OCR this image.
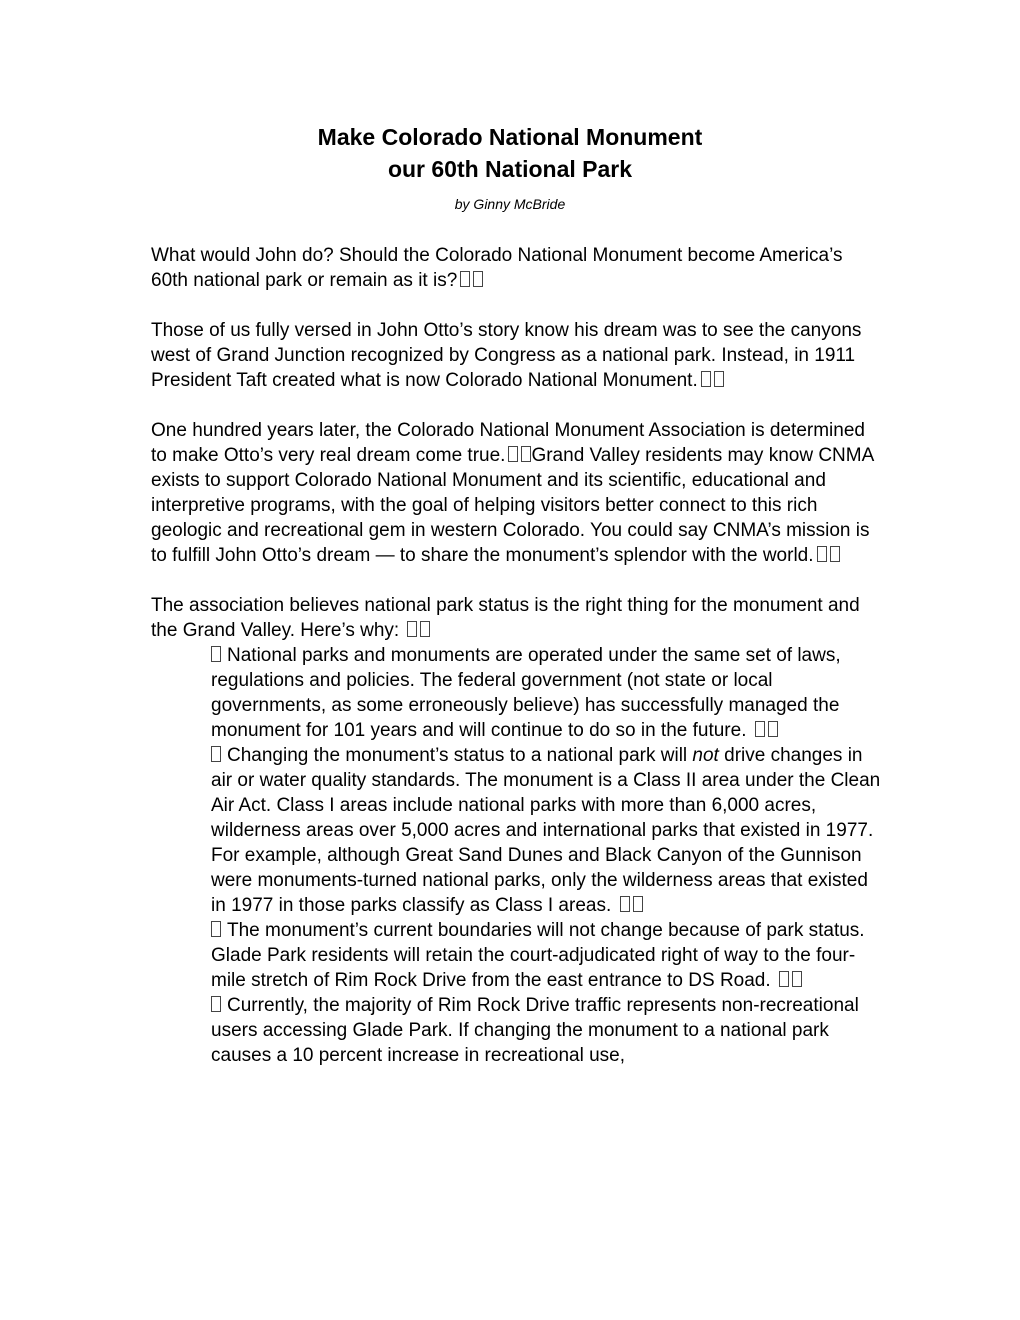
Make Colorado National Monument
our 60th National Park
by Ginny McBride

What would John do? Should the Colorado National Monument become America’s 60th national park or remain as it is?

Those of us fully versed in John Otto’s story know his dream was to see the canyons west of Grand Junction recognized by Congress as a national park. Instead, in 1911 President Taft created what is now Colorado National Monument.

One hundred years later, the Colorado National Monument Association is determined to make Otto’s very real dream come true. Grand Valley residents may know CNMA exists to support Colorado National Monument and its scientific, educational and interpretive programs, with the goal of helping visitors better connect to this rich geologic and recreational gem in western Colorado. You could say CNMA’s mission is to fulfill John Otto’s dream — to share the monument’s splendor with the world.

The association believes national park status is the right thing for the monument and the Grand Valley. Here’s why:

National parks and monuments are operated under the same set of laws, regulations and policies. The federal government (not state or local governments, as some erroneously believe) has successfully managed the monument for 101 years and will continue to do so in the future.
Changing the monument’s status to a national park will not drive changes in air or water quality standards. The monument is a Class II area under the Clean Air Act. Class I areas include national parks with more than 6,000 acres, wilderness areas over 5,000 acres and international parks that existed in 1977. For example, although Great Sand Dunes and Black Canyon of the Gunnison were monuments-turned national parks, only the wilderness areas that existed in 1977 in those parks classify as Class I areas.
The monument’s current boundaries will not change because of park status. Glade Park residents will retain the court-adjudicated right of way to the four-mile stretch of Rim Rock Drive from the east entrance to DS Road.
Currently, the majority of Rim Rock Drive traffic represents non-recreational users accessing Glade Park. If changing the monument to a national park causes a 10 percent increase in recreational use,
